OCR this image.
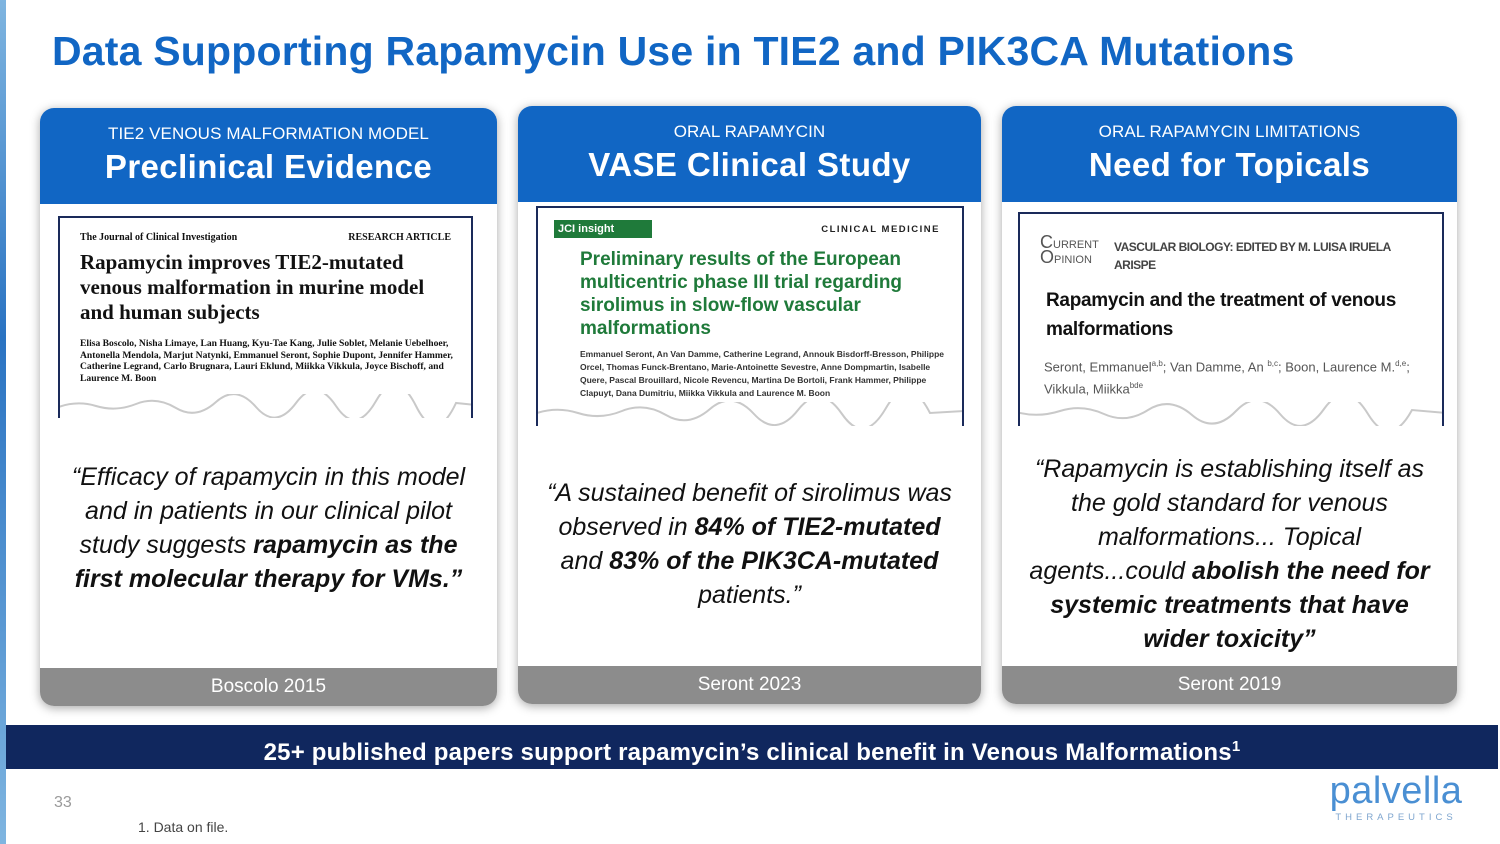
Data Supporting Rapamycin Use in TIE2 and PIK3CA Mutations
TIE2 VENOUS MALFORMATION MODEL
Preclinical Evidence
The Journal of Clinical Investigation	RESEARCH ARTICLE
Rapamycin improves TIE2-mutated venous malformation in murine model and human subjects
Elisa Boscolo, Nisha Limaye, Lan Huang, Kyu-Tae Kang, Julie Soblet, Melanie Uebelhoer, Antonella Mendola, Marjut Natynki, Emmanuel Seront, Sophie Dupont, Jennifer Hammer, Catherine Legrand, Carlo Brugnara, Lauri Eklund, Miikka Vikkula, Joyce Bischoff, and Laurence M. Boon
“Efficacy of rapamycin in this model and in patients in our clinical pilot study suggests rapamycin as the first molecular therapy for VMs.”
Boscolo 2015
ORAL RAPAMYCIN
VASE Clinical Study
JCI insight	CLINICAL MEDICINE
Preliminary results of the European multicentric phase III trial regarding sirolimus in slow-flow vascular malformations
Emmanuel Seront, An Van Damme, Catherine Legrand, Annouk Bisdorff-Bresson, Philippe Orcel, Thomas Funck-Brentano, Marie-Antoinette Sevestre, Anne Dompmartin, Isabelle Quere, Pascal Brouillard, Nicole Revencu, Martina De Bortoli, Frank Hammer, Philippe Clapuyt, Dana Dumitriu, Miikka Vikkula and Laurence M. Boon
“A sustained benefit of sirolimus was observed in 84% of TIE2-mutated and 83% of the PIK3CA-mutated patients.”
Seront 2023
ORAL RAPAMYCIN LIMITATIONS
Need for Topicals
CURRENT
OPINION
VASCULAR BIOLOGY: EDITED BY M. LUISA IRUELA ARISPE
Rapamycin and the treatment of venous malformations
Seront, Emmanuel$^{a,b}$; Van Damme, An $^{b,c}$; Boon, Laurence M.$^{d,e}$; Vikkula, Miikka$^{bde}$
“Rapamycin is establishing itself as the gold standard for venous malformations... Topical agents...could abolish the need for systemic treatments that have wider toxicity”
Seront 2019
25+ published papers support rapamycin’s clinical benefit in Venous Malformations$^1$
33
1. Data on file.
palvella
THERAPEUTICS
